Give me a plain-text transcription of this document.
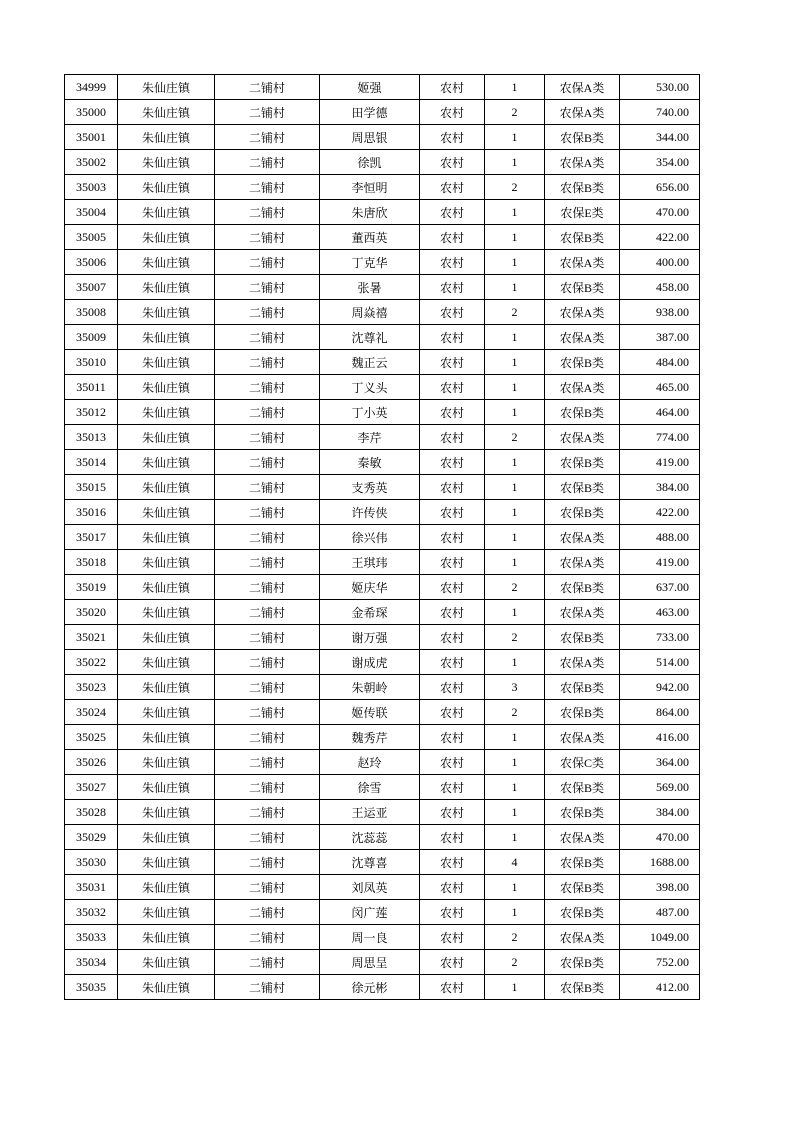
34999	朱仙庄镇	二铺村	姬强	农村	1	农保A类	530.00
35000	朱仙庄镇	二铺村	田学德	农村	2	农保A类	740.00
35001	朱仙庄镇	二铺村	周思银	农村	1	农保B类	344.00
35002	朱仙庄镇	二铺村	徐凯	农村	1	农保A类	354.00
35003	朱仙庄镇	二铺村	李恒明	农村	2	农保B类	656.00
35004	朱仙庄镇	二铺村	朱唐欣	农村	1	农保E类	470.00
35005	朱仙庄镇	二铺村	董西英	农村	1	农保B类	422.00
35006	朱仙庄镇	二铺村	丁克华	农村	1	农保A类	400.00
35007	朱仙庄镇	二铺村	张暑	农村	1	农保B类	458.00
35008	朱仙庄镇	二铺村	周焱禧	农村	2	农保A类	938.00
35009	朱仙庄镇	二铺村	沈尊礼	农村	1	农保A类	387.00
35010	朱仙庄镇	二铺村	魏正云	农村	1	农保B类	484.00
35011	朱仙庄镇	二铺村	丁义头	农村	1	农保A类	465.00
35012	朱仙庄镇	二铺村	丁小英	农村	1	农保B类	464.00
35013	朱仙庄镇	二铺村	李芹	农村	2	农保A类	774.00
35014	朱仙庄镇	二铺村	秦敏	农村	1	农保B类	419.00
35015	朱仙庄镇	二铺村	支秀英	农村	1	农保B类	384.00
35016	朱仙庄镇	二铺村	许传侠	农村	1	农保B类	422.00
35017	朱仙庄镇	二铺村	徐兴伟	农村	1	农保A类	488.00
35018	朱仙庄镇	二铺村	王琪玮	农村	1	农保A类	419.00
35019	朱仙庄镇	二铺村	姬庆华	农村	2	农保B类	637.00
35020	朱仙庄镇	二铺村	金希琛	农村	1	农保A类	463.00
35021	朱仙庄镇	二铺村	谢万强	农村	2	农保B类	733.00
35022	朱仙庄镇	二铺村	谢成虎	农村	1	农保A类	514.00
35023	朱仙庄镇	二铺村	朱朝岭	农村	3	农保B类	942.00
35024	朱仙庄镇	二铺村	姬传联	农村	2	农保B类	864.00
35025	朱仙庄镇	二铺村	魏秀芹	农村	1	农保A类	416.00
35026	朱仙庄镇	二铺村	赵玲	农村	1	农保C类	364.00
35027	朱仙庄镇	二铺村	徐雪	农村	1	农保B类	569.00
35028	朱仙庄镇	二铺村	王运亚	农村	1	农保B类	384.00
35029	朱仙庄镇	二铺村	沈蕊蕊	农村	1	农保A类	470.00
35030	朱仙庄镇	二铺村	沈尊喜	农村	4	农保B类	1688.00
35031	朱仙庄镇	二铺村	刘凤英	农村	1	农保B类	398.00
35032	朱仙庄镇	二铺村	闵广莲	农村	1	农保B类	487.00
35033	朱仙庄镇	二铺村	周一良	农村	2	农保A类	1049.00
35034	朱仙庄镇	二铺村	周思呈	农村	2	农保B类	752.00
35035	朱仙庄镇	二铺村	徐元彬	农村	1	农保B类	412.00
